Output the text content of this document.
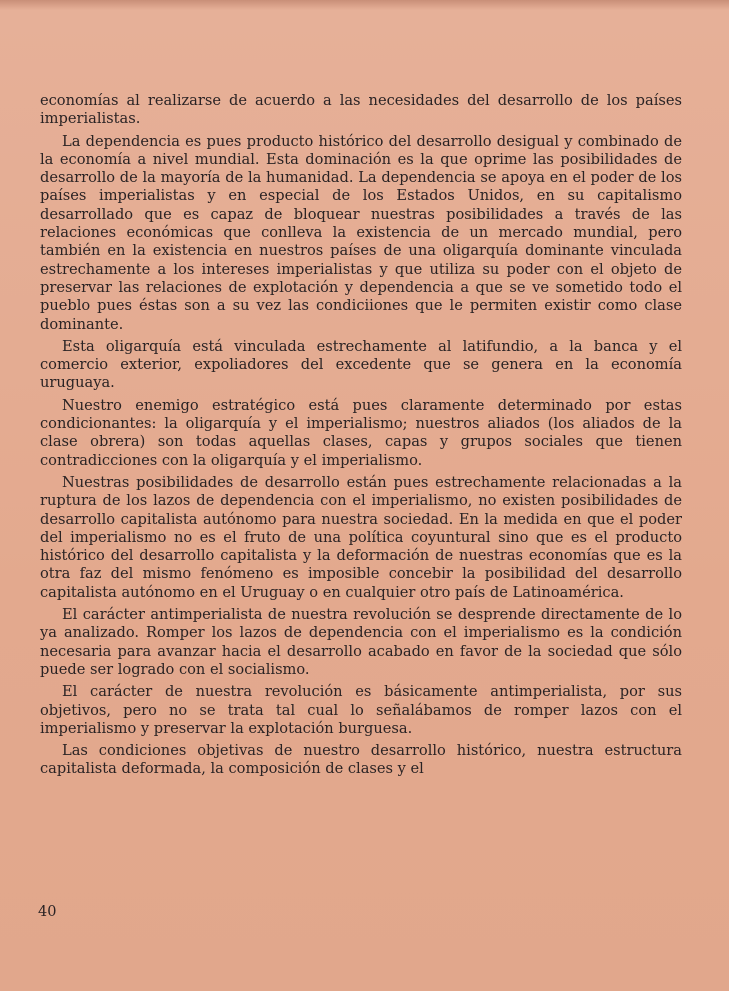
economías al realizarse de acuerdo a las necesidades del desarrollo de los países imperialistas.

La dependencia es pues producto histórico del desarrollo desigual y combinado de la economía a nivel mundial. Esta dominación es la que oprime las posibilidades de desarrollo de la mayoría de la humanidad. La dependencia se apoya en el poder de los países imperialistas y en especial de los Estados Unidos, en su capitalismo desarrollado que es capaz de bloquear nuestras posibilidades a través de las relaciones económicas que conlleva la existencia de un mercado mundial, pero también en la existencia en nuestros países de una oligarquía dominante vinculada estrechamente a los intereses imperialistas y que utiliza su poder con el objeto de preservar las relaciones de explotación y dependencia a que se ve sometido todo el pueblo pues éstas son a su vez las condiciiones que le permiten existir como clase dominante.

Esta oligarquía está vinculada estrechamente al latifundio, a la banca y el comercio exterior, expoliadores del excedente que se genera en la economía uruguaya.

Nuestro enemigo estratégico está pues claramente determinado por estas condicionantes: la oligarquía y el imperialismo; nuestros aliados (los aliados de la clase obrera) son todas aquellas clases, capas y grupos sociales que tienen contradicciones con la oligarquía y el imperialismo.

Nuestras posibilidades de desarrollo están pues estrechamente relacionadas a la ruptura de los lazos de dependencia con el imperialismo, no existen posibilidades de desarrollo capitalista autónomo para nuestra sociedad. En la medida en que el poder del imperialismo no es el fruto de una política coyuntural sino que es el producto histórico del desarrollo capitalista y la deformación de nuestras economías que es la otra faz del mismo fenómeno es imposible concebir la posibilidad del desarrollo capitalista autónomo en el Uruguay o en cualquier otro país de Latinoamérica.

El carácter antimperialista de nuestra revolución se desprende directamente de lo ya analizado. Romper los lazos de dependencia con el imperialismo es la condición necesaria para avanzar hacia el desarrollo acabado en favor de la sociedad que sólo puede ser logrado con el socialismo.

El carácter de nuestra revolución es básicamente antimperialista, por sus objetivos, pero no se trata tal cual lo señalábamos de romper lazos con el imperialismo y preservar la explotación burguesa.

Las condiciones objetivas de nuestro desarrollo histórico, nuestra estructura capitalista deformada, la composición de clases y el

40
